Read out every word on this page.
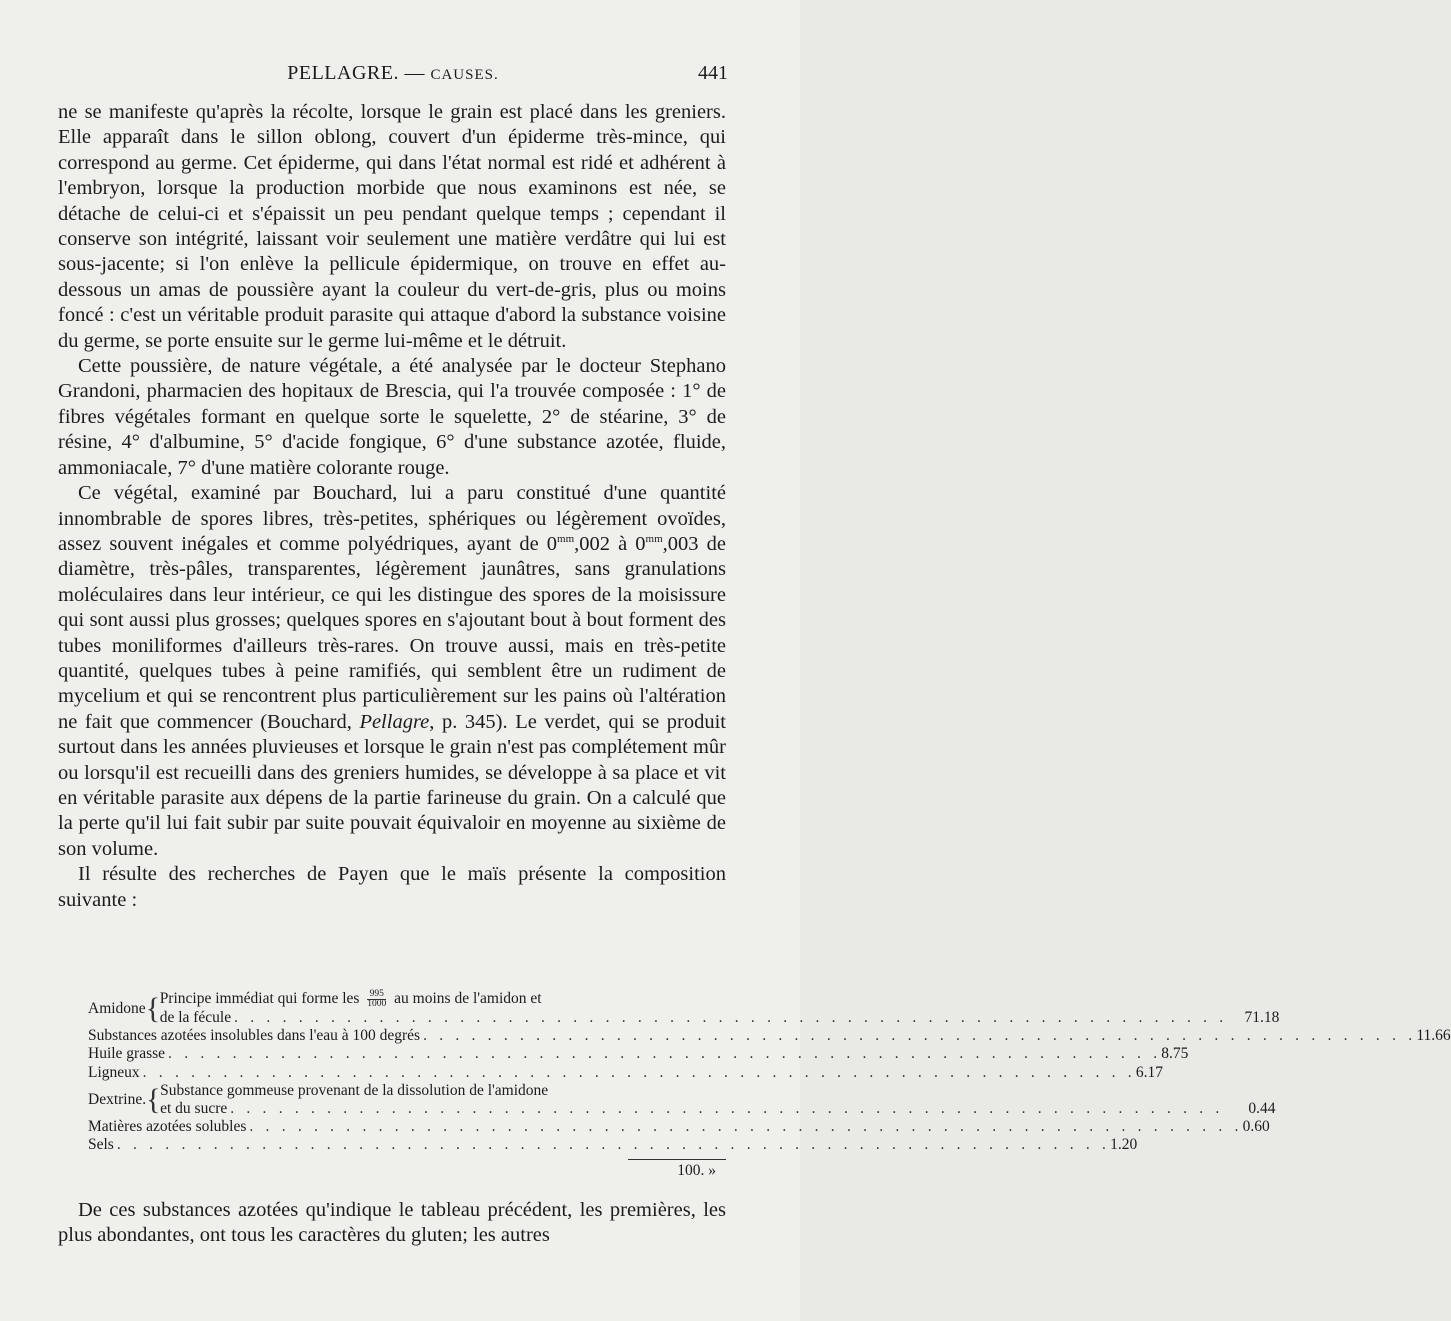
PELLAGRE. — CAUSES.	441

ne se manifeste qu'après la récolte, lorsque le grain est placé dans les greniers. Elle apparaît dans le sillon oblong, couvert d'un épiderme très-mince, qui correspond au germe. Cet épiderme, qui dans l'état normal est ridé et adhérent à l'embryon, lorsque la production morbide que nous examinons est née, se détache de celui-ci et s'épaissit un peu pendant quelque temps ; cependant il conserve son intégrité, laissant voir seulement une matière verdâtre qui lui est sous-jacente; si l'on enlève la pellicule épidermique, on trouve en effet au-dessous un amas de poussière ayant la couleur du vert-de-gris, plus ou moins foncé : c'est un véritable produit parasite qui attaque d'abord la substance voisine du germe, se porte ensuite sur le germe lui-même et le détruit.

Cette poussière, de nature végétale, a été analysée par le docteur Stephano Grandoni, pharmacien des hopitaux de Brescia, qui l'a trouvée composée : 1° de fibres végétales formant en quelque sorte le squelette, 2° de stéarine, 3° de résine, 4° d'albumine, 5° d'acide fongique, 6° d'une substance azotée, fluide, ammoniacale, 7° d'une matière colorante rouge.

Ce végétal, examiné par Bouchard, lui a paru constitué d'une quantité innombrable de spores libres, très-petites, sphériques ou légèrement ovoïdes, assez souvent inégales et comme polyédriques, ayant de $0^{mm},002$ à $0^{mm},003$ de diamètre, très-pâles, transparentes, légèrement jaunâtres, sans granulations moléculaires dans leur intérieur, ce qui les distingue des spores de la moisissure qui sont aussi plus grosses; quelques spores en s'ajoutant bout à bout forment des tubes moniliformes d'ailleurs très-rares. On trouve aussi, mais en très-petite quantité, quelques tubes à peine ramifiés, qui semblent être un rudiment de mycelium et qui se rencontrent plus particulièrement sur les pains où l'altération ne fait que commencer (Bouchard, Pellagre, p. 345). Le verdet, qui se produit surtout dans les années pluvieuses et lorsque le grain n'est pas complétement mûr ou lorsqu'il est recueilli dans des greniers humides, se développe à sa place et vit en véritable parasite aux dépens de la partie farineuse du grain. On a calculé que la perte qu'il lui fait subir par suite pouvait équivaloir en moyenne au sixième de son volume.

Il résulte des recherches de Payen que le maïs présente la composition suivante :

Amidone { Principe immédiat qui forme les $\frac{995}{1000}$ au moins de l'amidon et
de la fécule . . . . . . . . . . . . . . . . . . . . . . . . . . . . . . . . . . . . . . . . . . . . . . . . . . . . . . . . . . . . . .	71.18
Substances azotées insolubles dans l'eau à 100 degrés . . . . . . . . . . . . . . . . . . . . . . . . . . . . . . . . . . . . . . . . . . . . . . . . . . . . . . . . . . . . . . 11.66
Huile grasse . . . . . . . . . . . . . . . . . . . . . . . . . . . . . . . . . . . . . . . . . . . . . . . . . . . . . . . . . . . . . . 8.75
Ligneux . . . . . . . . . . . . . . . . . . . . . . . . . . . . . . . . . . . . . . . . . . . . . . . . . . . . . . . . . . . . . . 6.17
Dextrine. { Substance gommeuse provenant de la dissolution de l'amidone
et du sucre . . . . . . . . . . . . . . . . . . . . . . . . . . . . . . . . . . . . . . . . . . . . . . . . . . . . . . . . . . . . . .	0.44
Matières azotées solubles . . . . . . . . . . . . . . . . . . . . . . . . . . . . . . . . . . . . . . . . . . . . . . . . . . . . . . . . . . . . . . 0.60
Sels . . . . . . . . . . . . . . . . . . . . . . . . . . . . . . . . . . . . . . . . . . . . . . . . . . . . . . . . . . . . . . 1.20
100. »

De ces substances azotées qu'indique le tableau précédent, les premières, les plus abondantes, ont tous les caractères du gluten; les autres
